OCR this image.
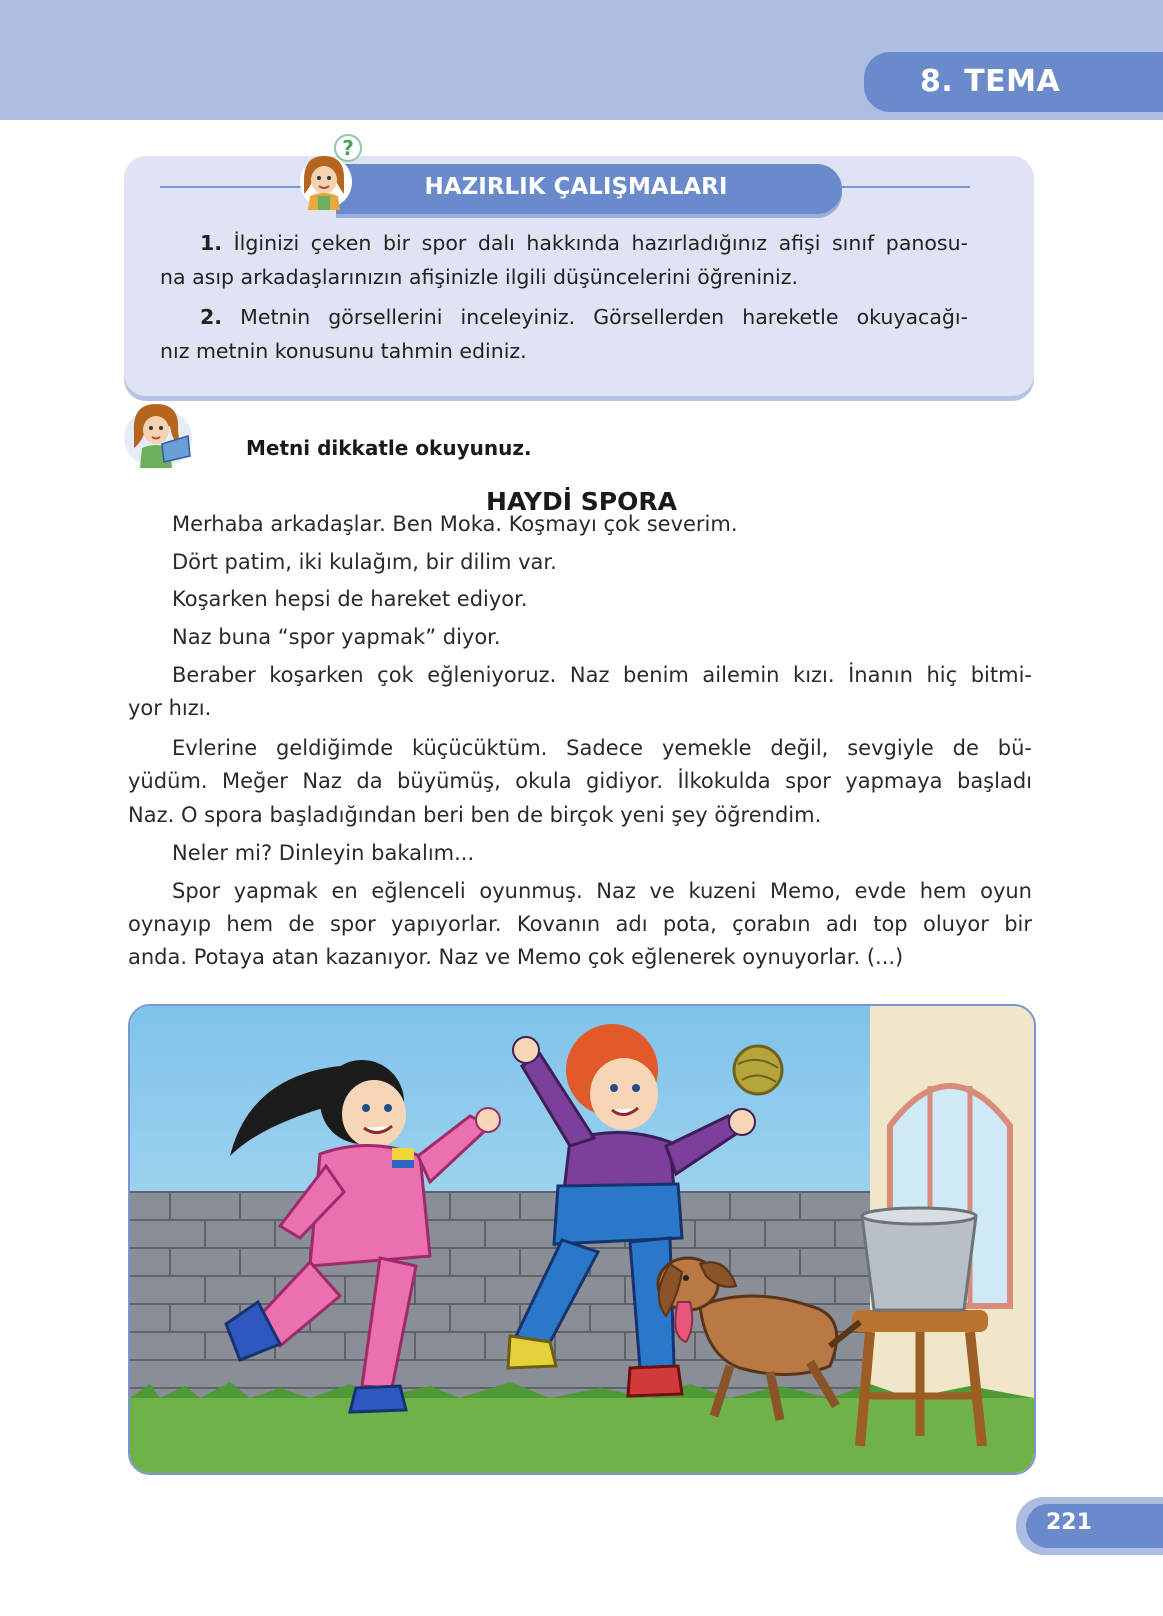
8. TEMA
HAZIRLIK ÇALIŞMALARI
?
1. İlginizi çeken bir spor dalı hakkında hazırladığınız afişi sınıf panosu-
na asıp arkadaşlarınızın afişinizle ilgili düşüncelerini öğreniniz.
2. Metnin görsellerini inceleyiniz. Görsellerden hareketle okuyacağı-
nız metnin konusunu tahmin ediniz.
Metni dikkatle okuyunuz.
HAYDİ SPORA
Merhaba arkadaşlar. Ben Moka. Koşmayı çok severim.
Dört patim, iki kulağım, bir dilim var.
Koşarken hepsi de hareket ediyor.
Naz buna “spor yapmak” diyor.
Beraber koşarken çok eğleniyoruz. Naz benim ailemin kızı. İnanın hiç bitmi-
yor hızı.
Evlerine geldiğimde küçücüktüm. Sadece yemekle değil, sevgiyle de bü-
yüdüm. Meğer Naz da büyümüş, okula gidiyor. İlkokulda spor yapmaya başladı
Naz. O spora başladığından beri ben de birçok yeni şey öğrendim.
Neler mi? Dinleyin bakalım...
Spor yapmak en eğlenceli oyunmuş. Naz ve kuzeni Memo, evde hem oyun
oynayıp hem de spor yapıyorlar. Kovanın adı pota, çorabın adı top oluyor bir
anda. Potaya atan kazanıyor. Naz ve Memo çok eğlenerek oynuyorlar. (...)
221
